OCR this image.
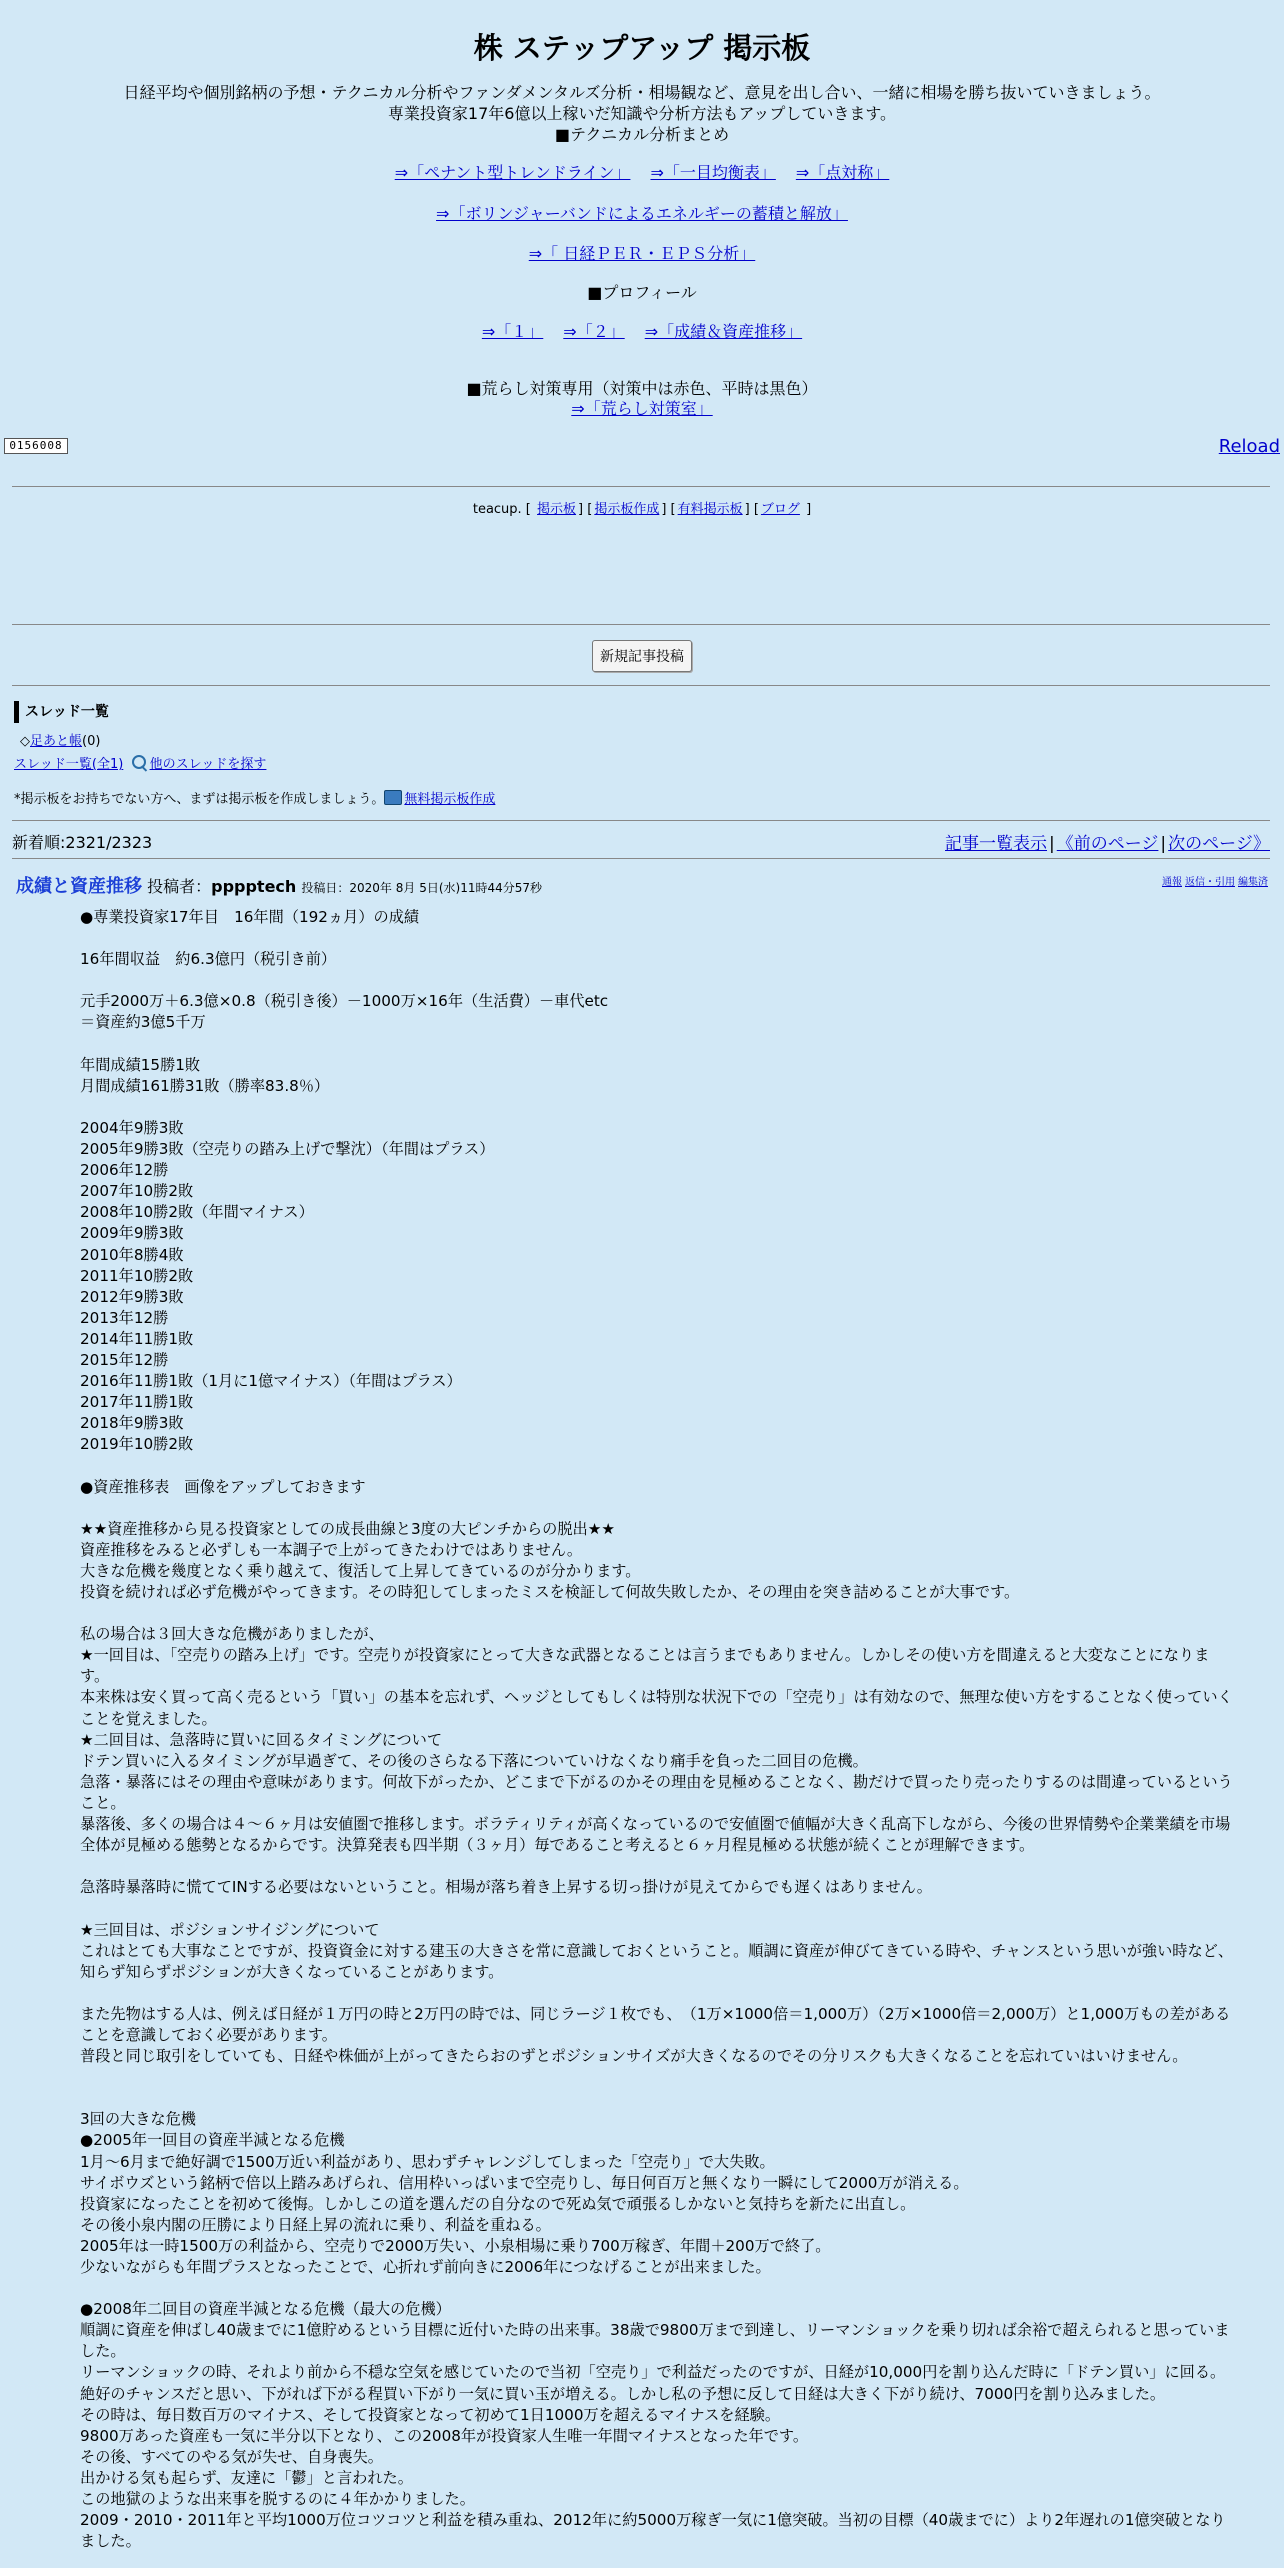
株 ステップアップ 掲示板
日経平均や個別銘柄の予想・テクニカル分析やファンダメンタルズ分析・相場観など、意見を出し合い、一緒に相場を勝ち抜いていきましょう。
専業投資家17年6億以上稼いだ知識や分析方法もアップしていきます。
■テクニカル分析まとめ
⇒「ペナント型トレンドライン」 ⇒「一目均衡表」 ⇒「点対称」
⇒「ボリンジャーバンドによるエネルギーの蓄積と解放」
⇒「 日経ＰＥＲ・ＥＰＳ分析」
■プロフィール
⇒「１」 ⇒「２」 ⇒「成績＆資産推移」
■荒らし対策専用（対策中は赤色、平時は黒色）
⇒「荒らし対策室」
0156008	Reload
teacup. [ 掲示板 ] [ 掲示板作成 ] [ 有料掲示板 ] [ ブログ ]
新規記事投稿
スレッド一覧
◇足あと帳(0)
スレッド一覧(全1) 他のスレッドを探す
*掲示板をお持ちでない方へ、まずは掲示板を作成しましょう。 無料掲示板作成
新着順:2321/2323	記事一覧表示 | 《前のページ | 次のページ》
成績と資産推移 投稿者：pppptech 投稿日：2020年 8月 5日(水)11時44分57秒	通報 返信・引用 編集済
●専業投資家17年目　16年間（192ヵ月）の成績

16年間収益　約6.3億円（税引き前）

元手2000万＋6.3億×0.8（税引き後）－1000万×16年（生活費）－車代etc
＝資産約3億5千万

年間成績15勝1敗
月間成績161勝31敗（勝率83.8％）

2004年9勝3敗
2005年9勝3敗（空売りの踏み上げで撃沈）（年間はプラス）
2006年12勝
2007年10勝2敗
2008年10勝2敗（年間マイナス）
2009年9勝3敗
2010年8勝4敗
2011年10勝2敗
2012年9勝3敗
2013年12勝
2014年11勝1敗
2015年12勝
2016年11勝1敗（1月に1億マイナス）（年間はプラス）
2017年11勝1敗
2018年9勝3敗
2019年10勝2敗

●資産推移表　画像をアップしておきます

★★資産推移から見る投資家としての成長曲線と3度の大ピンチからの脱出★★
資産推移をみると必ずしも一本調子で上がってきたわけではありません。
大きな危機を幾度となく乗り越えて、復活して上昇してきているのが分かります。
投資を続ければ必ず危機がやってきます。その時犯してしまったミスを検証して何故失敗したか、その理由を突き詰めることが大事です。

私の場合は３回大きな危機がありましたが、
★一回目は、「空売りの踏み上げ」です。空売りが投資家にとって大きな武器となることは言うまでもありません。しかしその使い方を間違えると大変なことになります。
本来株は安く買って高く売るという「買い」の基本を忘れず、ヘッジとしてもしくは特別な状況下での「空売り」は有効なので、無理な使い方をすることなく使っていくことを覚えました。
★二回目は、急落時に買いに回るタイミングについて
ドテン買いに入るタイミングが早過ぎて、その後のさらなる下落についていけなくなり痛手を負った二回目の危機。
急落・暴落にはその理由や意味があります。何故下がったか、どこまで下がるのかその理由を見極めることなく、勘だけで買ったり売ったりするのは間違っているということ。
暴落後、多くの場合は４～６ヶ月は安値圏で推移します。ボラティリティが高くなっているので安値圏で値幅が大きく乱高下しながら、今後の世界情勢や企業業績を市場全体が見極める態勢となるからです。決算発表も四半期（３ヶ月）毎であること考えると６ヶ月程見極める状態が続くことが理解できます。

急落時暴落時に慌ててINする必要はないということ。相場が落ち着き上昇する切っ掛けが見えてからでも遅くはありません。

★三回目は、ポジションサイジングについて
これはとても大事なことですが、投資資金に対する建玉の大きさを常に意識しておくということ。順調に資産が伸びてきている時や、チャンスという思いが強い時など、知らず知らずポジションが大きくなっていることがあります。

また先物はする人は、例えば日経が１万円の時と2万円の時では、同じラージ１枚でも、　（1万×1000倍＝1,000万）（2万×1000倍＝2,000万）と1,000万もの差があることを意識しておく必要があります。
普段と同じ取引をしていても、日経や株価が上がってきたらおのずとポジションサイズが大きくなるのでその分リスクも大きくなることを忘れていはいけません。

3回の大きな危機
●2005年一回目の資産半減となる危機
1月～6月まで絶好調で1500万近い利益があり、思わずチャレンジしてしまった「空売り」で大失敗。
サイボウズという銘柄で倍以上踏みあげられ、信用枠いっぱいまで空売りし、毎日何百万と無くなり一瞬にして2000万が消える。
投資家になったことを初めて後悔。しかしこの道を選んだの自分なので死ぬ気で頑張るしかないと気持ちを新たに出直し。
その後小泉内閣の圧勝により日経上昇の流れに乗り、利益を重ねる。
2005年は一時1500万の利益から、空売りで2000万失い、小泉相場に乗り700万稼ぎ、年間＋200万で終了。
少ないながらも年間プラスとなったことで、心折れず前向きに2006年につなげることが出来ました。

●2008年二回目の資産半減となる危機（最大の危機）
順調に資産を伸ばし40歳までに1億貯めるという目標に近付いた時の出来事。38歳で9800万まで到達し、リーマンショックを乗り切れば余裕で超えられると思っていました。
リーマンショックの時、それより前から不穏な空気を感じていたので当初「空売り」で利益だったのですが、日経が10,000円を割り込んだ時に「ドテン買い」に回る。
絶好のチャンスだと思い、下がれば下がる程買い下がり一気に買い玉が増える。しかし私の予想に反して日経は大きく下がり続け、7000円を割り込みました。
その時は、毎日数百万のマイナス、そして投資家となって初めて1日1000万を超えるマイナスを経験。
9800万あった資産も一気に半分以下となり、この2008年が投資家人生唯一年間マイナスとなった年です。
その後、すべてのやる気が失せ、自身喪失。
出かける気も起らず、友達に「鬱」と言われた。
この地獄のような出来事を脱するのに４年かかりました。
2009・2010・2011年と平均1000万位コツコツと利益を積み重ね、2012年に約5000万稼ぎ一気に1億突破。当初の目標（40歳までに）より2年遅れの1億突破となりました。
